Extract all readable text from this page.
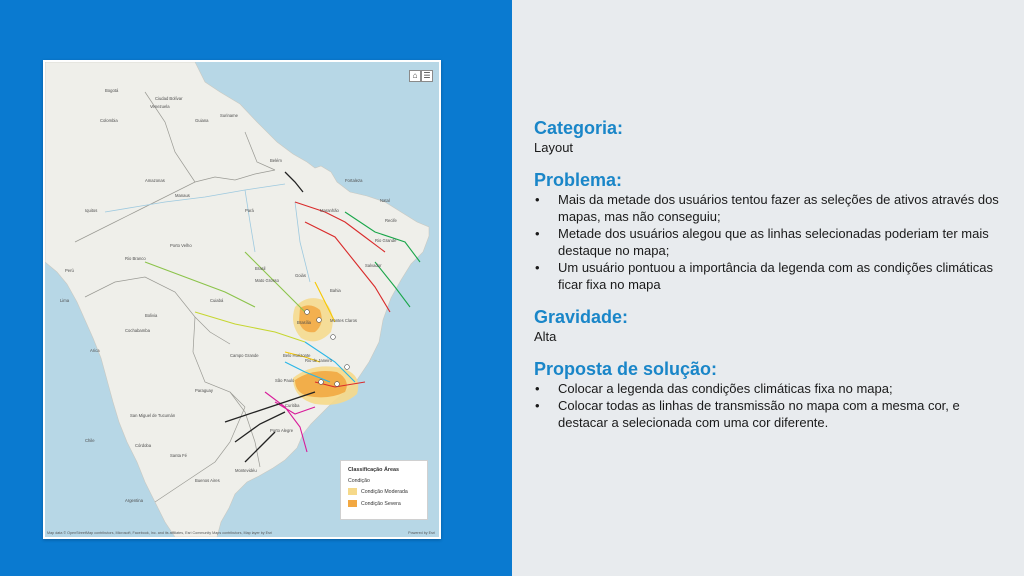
Bogotá
Colombia
Ciudad Bolívar
Venezuela
Suriname
Guiana
Manaus
Amazonas
Belém
Pará	Maranhão
Fortaleza
Natal
Recife
Rio Grande
Mato Grosso
Goiás
Brasília
Bahia
Salvador
Porto Velho
Rio Branco
Brasil
Bolivia
Cuiabá
Cochabamba
Campo Grande	Belo Horizonte
São Paulo
Rio de Janeiro
Paraguay
Curitiba
Porto Alegre
San Miguel de Tucumán
Córdoba
Santa Fé
Montevidéu
Buenos Aires
Chile
Argentina
Lima
Perú
Iquitos
Arica
Montes Claros
⌂ ☰
Classificação Áreas
Condição
Condição Moderada
Condição Severa
Map data © OpenStreetMap contributors, Microsoft, Facebook, Inc. and its affiliates, Esri Community Maps contributors, Map layer by Esri	Powered by Esri
Categoria:

Layout

Problema:
• Mais da metade dos usuários tentou fazer as seleções de ativos através dos mapas, mas não conseguiu;
• Metade dos usuários alegou que as linhas selecionadas poderiam ter mais destaque no mapa;
• Um usuário pontuou a importância da legenda com as condições climáticas ficar fixa no mapa
Gravidade:

Alta

Proposta de solução:
• Colocar a legenda das condições climáticas fixa no mapa;
• Colocar todas as linhas de transmissão no mapa com a mesma cor, e destacar a selecionada com uma cor diferente.
